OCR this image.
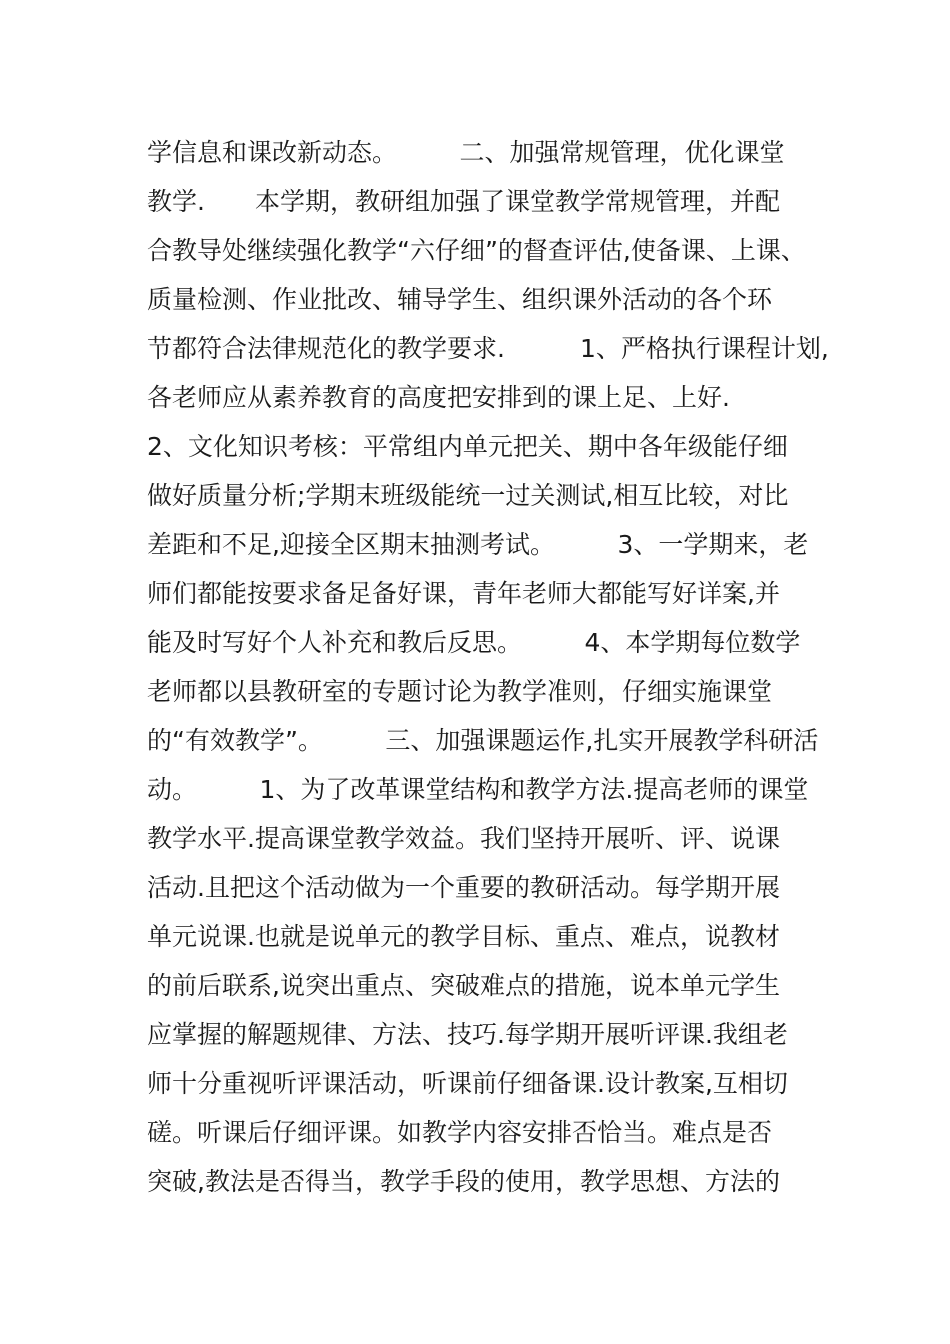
学信息和课改新动态。　　　二、加强常规管理，优化课堂
教学.　　本学期，教研组加强了课堂教学常规管理，并配
合教导处继续强化教学“六仔细”的督查评估,使备课、上课、
质量检测、作业批改、辅导学生、组织课外活动的各个环
节都符合法律规范化的教学要求.　　　1、严格执行课程计划,
各老师应从素养教育的高度把安排到的课上足、上好.
2、文化知识考核：平常组内单元把关、期中各年级能仔细
做好质量分析;学期末班级能统一过关测试,相互比较，对比
差距和不足,迎接全区期末抽测考试。　　　3、一学期来，老
师们都能按要求备足备好课，青年老师大都能写好详案,并
能及时写好个人补充和教后反思。　　　4、本学期每位数学
老师都以县教研室的专题讨论为教学准则，仔细实施课堂
的“有效教学”。　　　三、加强课题运作,扎实开展教学科研活
动。　　　1、为了改革课堂结构和教学方法.提高老师的课堂
教学水平.提高课堂教学效益。我们坚持开展听、评、说课
活动.且把这个活动做为一个重要的教研活动。每学期开展
单元说课.也就是说单元的教学目标、重点、难点，说教材
的前后联系,说突出重点、突破难点的措施，说本单元学生
应掌握的解题规律、方法、技巧.每学期开展听评课.我组老
师十分重视听评课活动，听课前仔细备课.设计教案,互相切
磋。听课后仔细评课。如教学内容安排否恰当。难点是否
突破,教法是否得当，教学手段的使用，教学思想、方法的
